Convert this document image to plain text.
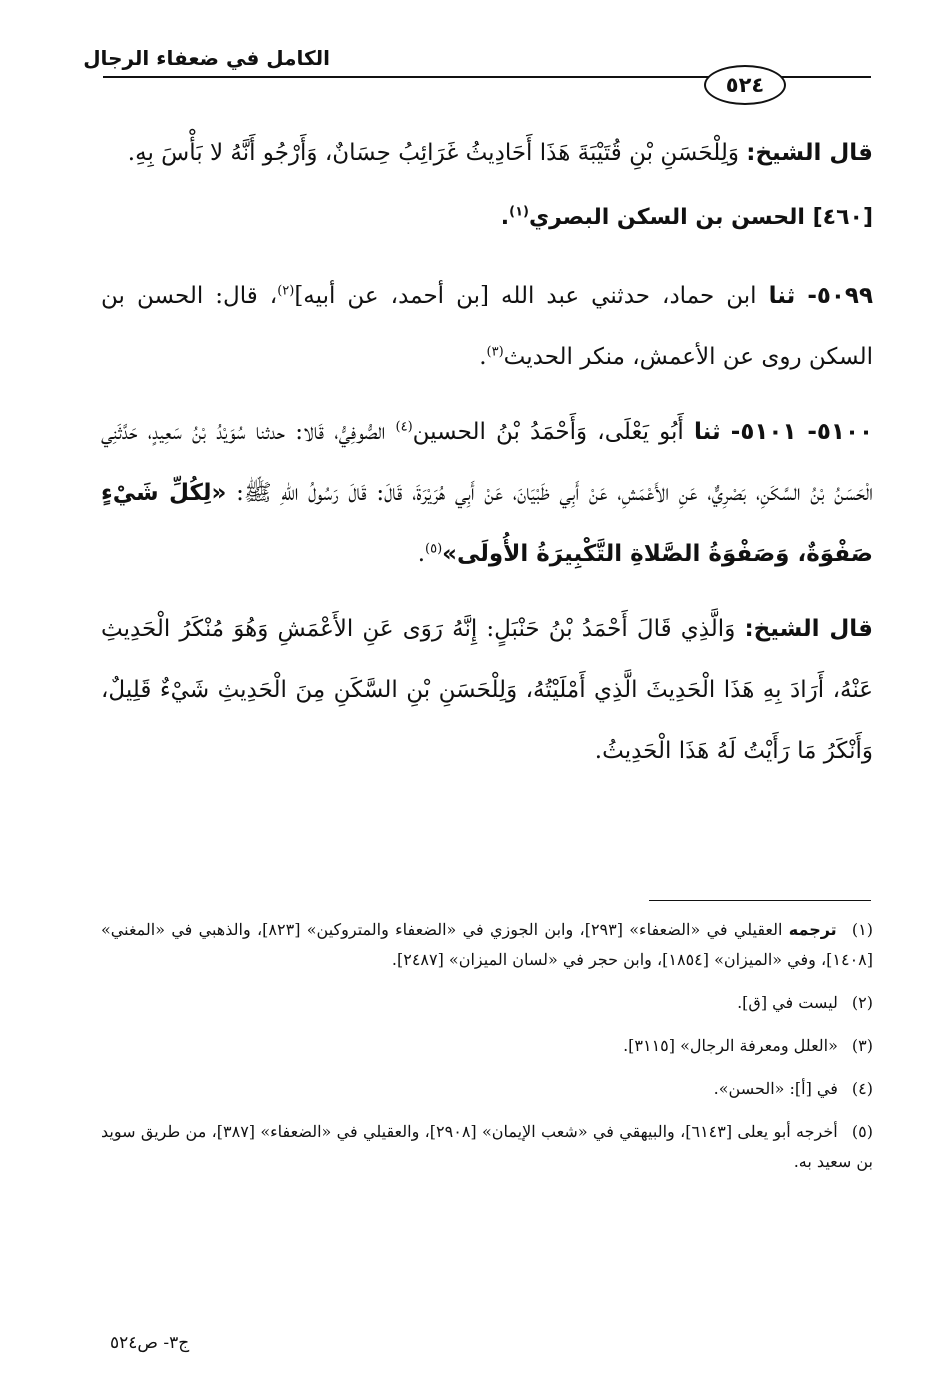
الكامل في ضعفاء الرجال
٥٢٤

قال الشيخ: وَلِلْحَسَنِ بْنِ قُتَيْبَةَ هَذَا أَحَادِيثُ غَرَائِبُ حِسَانٌ، وَأَرْجُو أَنَّهُ لا بَأْسَ بِهِ.

[٤٦٠] الحسن بن السكن البصري$^{(١)}$.

٥٠٩٩- ثنا ابن حماد، حدثني عبد الله [بن أحمد، عن أبيه]$^{(٢)}$، قال: الحسن بن السكن روى عن الأعمش، منكر الحديث$^{(٣)}$.

٥١٠٠- ٥١٠١- ثنا أَبُو يَعْلَى، وَأَحْمَدُ بْنُ الحسين$^{(٤)}$ الصُّوفِيُّ، قَالا: حدثنا سُوَيْدُ بْنُ سَعِيدٍ، حَدَّثَنِي الْحَسَنُ بْنُ السَّكَنِ، بَصْرِيٌّ، عَنِ الأَعْمَشِ، عَنْ أَبِي ظَبْيَانَ، عَنْ أَبِي هُرَيْرَةَ، قَالَ: قَالَ رَسُولُ اللهِ ﷺ: «لِكُلِّ شَيْءٍ صَفْوَةٌ، وَصَفْوَةُ الصَّلاةِ التَّكْبِيرَةُ الأُولَى»$^{(٥)}$.

قال الشيخ: وَالَّذِي قَالَ أَحْمَدُ بْنُ حَنْبَلٍ: إِنَّهُ رَوَى عَنِ الأَعْمَشِ وَهُوَ مُنْكَرُ الْحَدِيثِ عَنْهُ، أَرَادَ بِهِ هَذَا الْحَدِيثَ الَّذِي أَمْلَيْتُهُ، وَلِلْحَسَنِ بْنِ السَّكَنِ مِنَ الْحَدِيثِ شَيْءٌ قَلِيلٌ، وَأَنْكَرُ مَا رَأَيْتُ لَهُ هَذَا الْحَدِيثُ.

(١) ترجمه العقيلي في «الضعفاء» [٢٩٣]، وابن الجوزي في «الضعفاء والمتروكين» [٨٢٣]، والذهبي في «المغني» [١٤٠٨]، وفي «الميزان» [١٨٥٤]، وابن حجر في «لسان الميزان» [٢٤٨٧].

(٢) ليست في [ق].

(٣) «العلل ومعرفة الرجال» [٣١١٥].

(٤) في [أ]: «الحسن».

(٥) أخرجه أبو يعلى [٦١٤٣]، والبيهقي في «شعب الإيمان» [٢٩٠٨]، والعقيلي في «الضعفاء» [٣٨٧]، من طريق سويد بن سعيد به.

ج٣- ص٥٢٤
